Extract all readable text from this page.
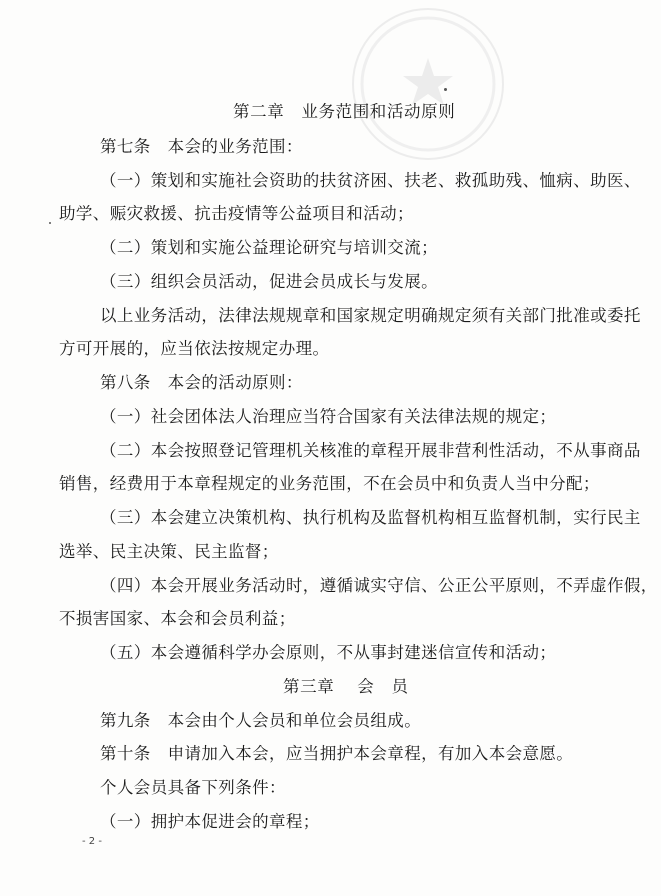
第二章　业务范围和活动原则
第七条　本会的业务范围：
（一）策划和实施社会资助的扶贫济困、扶老、救孤助残、恤病、助医、
助学、赈灾救援、抗击疫情等公益项目和活动；
（二）策划和实施公益理论研究与培训交流；
（三）组织会员活动，促进会员成长与发展。
以上业务活动，法律法规规章和国家规定明确规定须有关部门批准或委托
方可开展的，应当依法按规定办理。
第八条　本会的活动原则：
（一）社会团体法人治理应当符合国家有关法律法规的规定；
（二）本会按照登记管理机关核准的章程开展非营利性活动，不从事商品
销售，经费用于本章程规定的业务范围，不在会员中和负责人当中分配；
（三）本会建立决策机构、执行机构及监督机构相互监督机制，实行民主
选举、民主决策、民主监督；
（四）本会开展业务活动时，遵循诚实守信、公正公平原则，不弄虚作假，
不损害国家、本会和会员利益；
（五）本会遵循科学办会原则，不从事封建迷信宣传和活动；
第三章　 会　员
第九条　本会由个人会员和单位会员组成。
第十条　申请加入本会，应当拥护本会章程，有加入本会意愿。
个人会员具备下列条件：
（一）拥护本促进会的章程；
- 2 -
